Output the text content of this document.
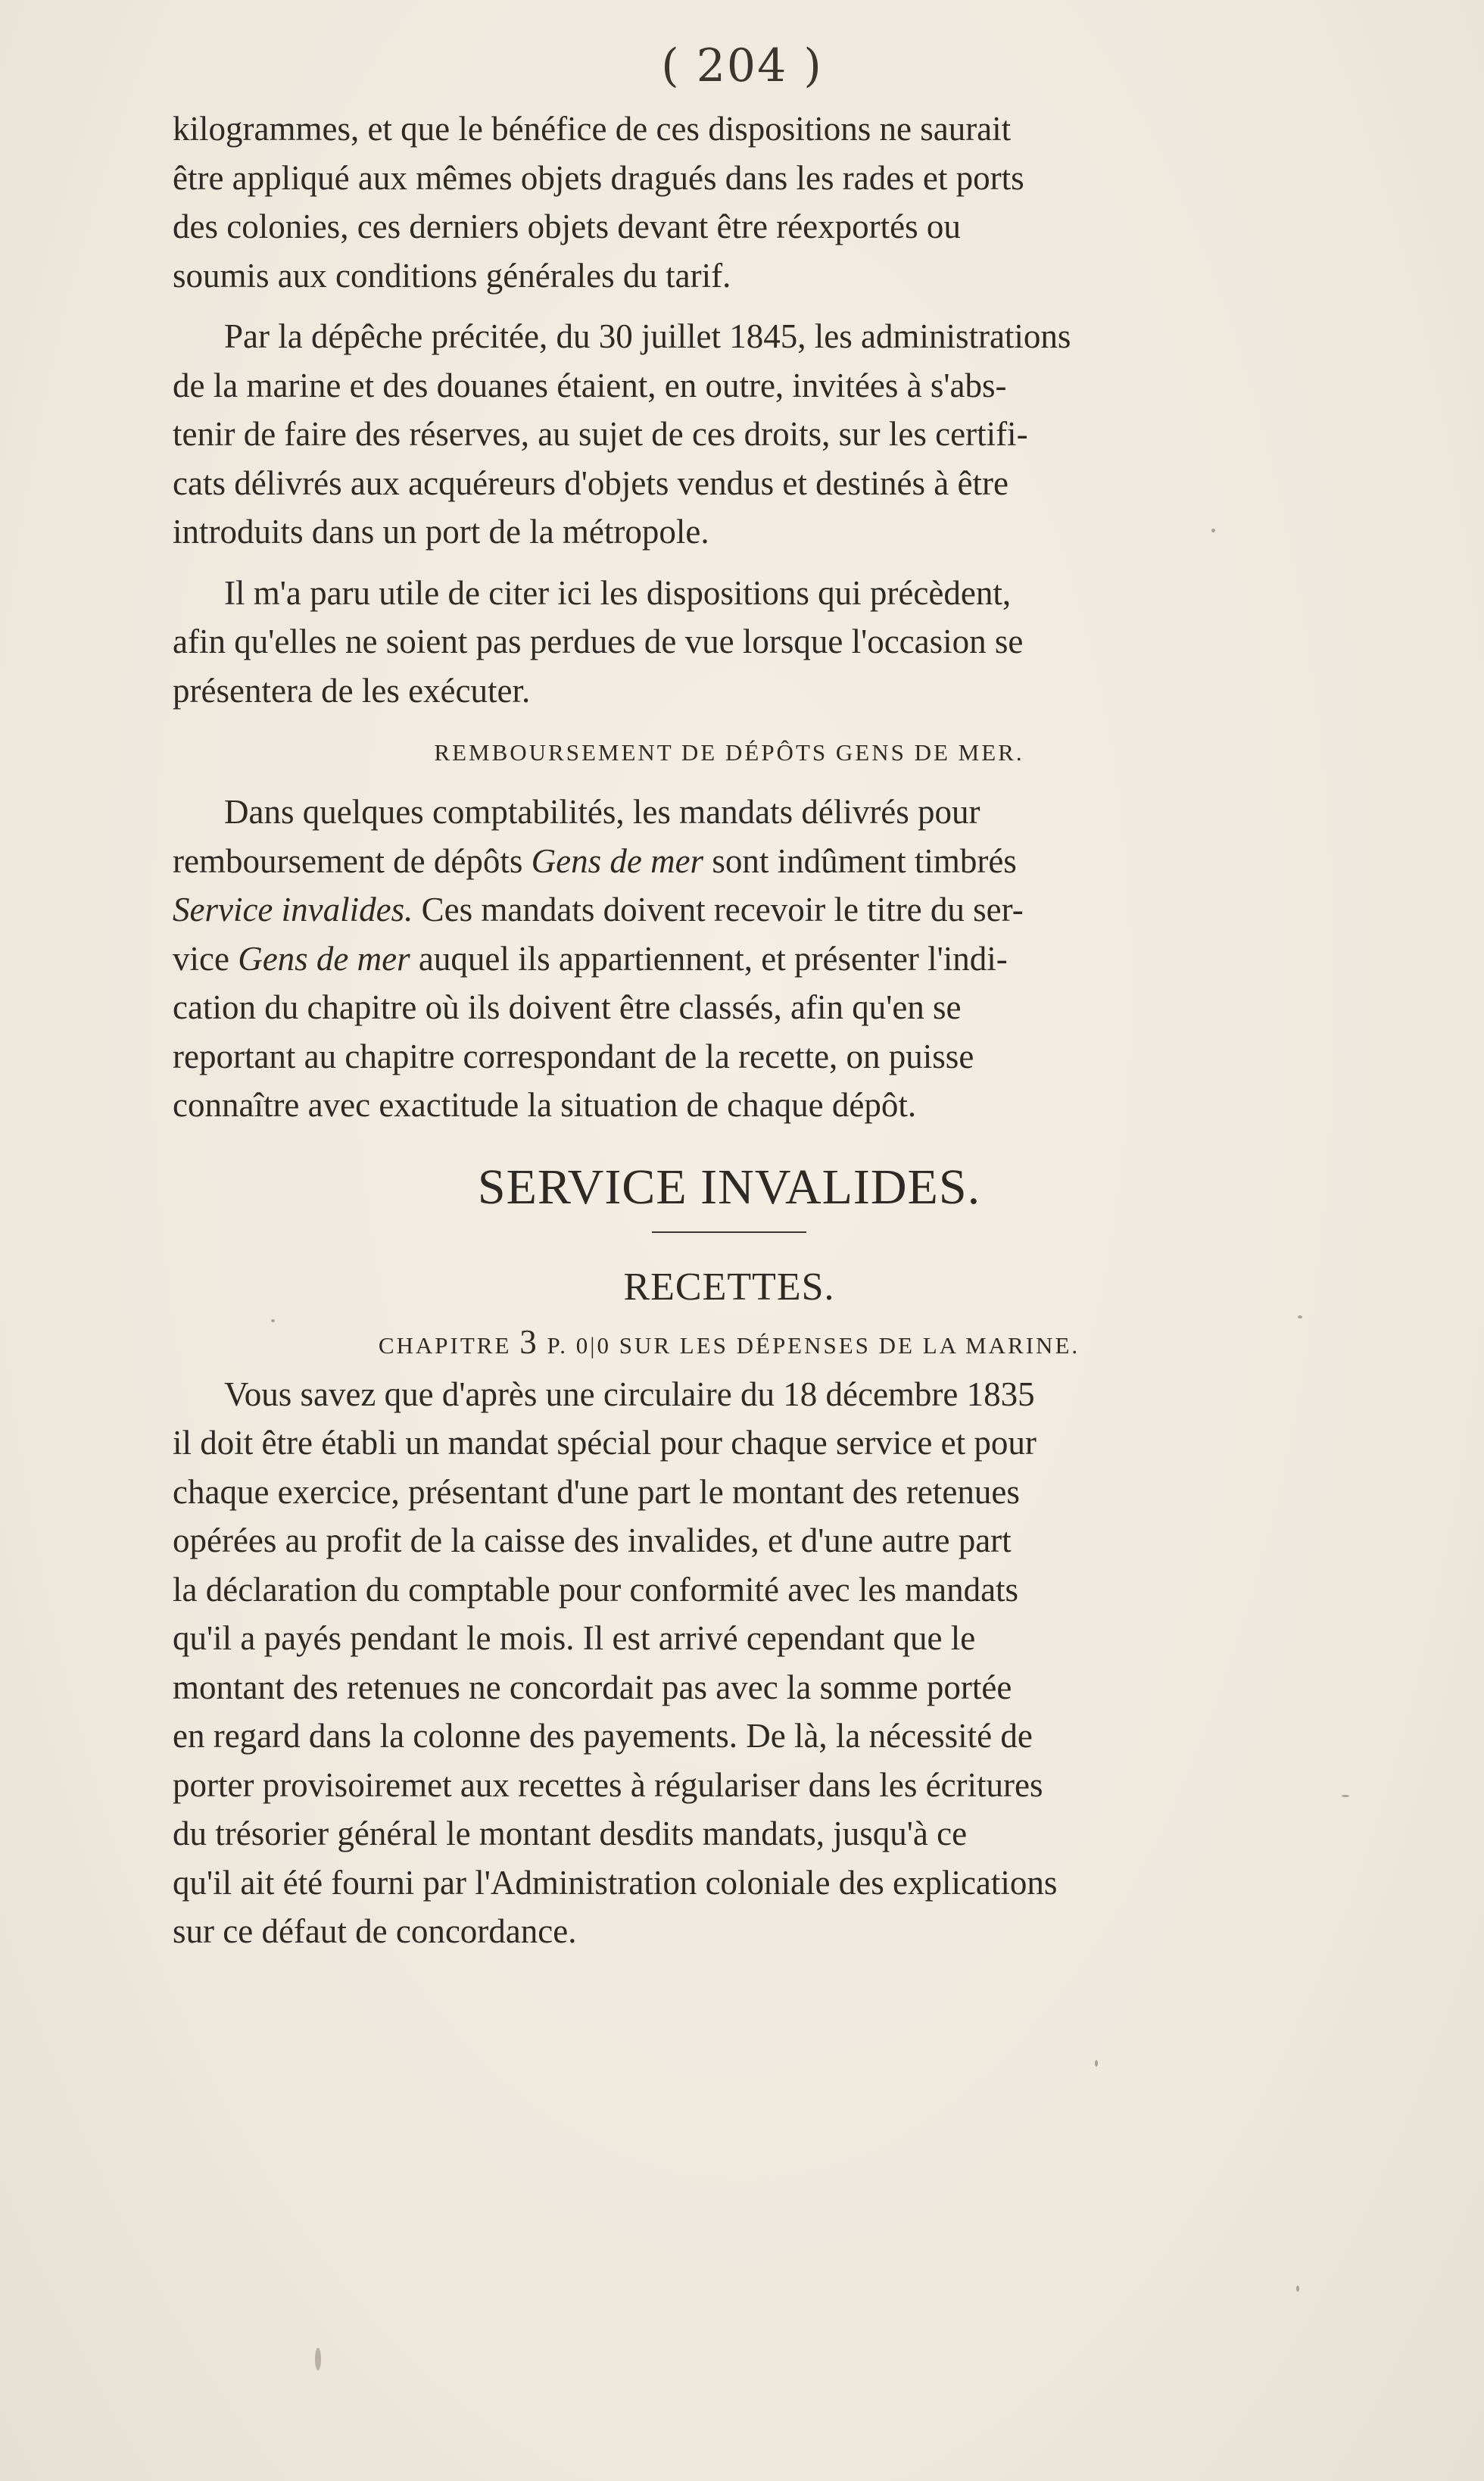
( 204 )

kilogrammes, et que le bénéfice de ces dispositions ne saurait
être appliqué aux mêmes objets dragués dans les rades et ports
des colonies, ces derniers objets devant être réexportés ou
soumis aux conditions générales du tarif.

Par la dépêche précitée, du 30 juillet 1845, les administrations
de la marine et des douanes étaient, en outre, invitées à s'abs-
tenir de faire des réserves, au sujet de ces droits, sur les certifi-
cats délivrés aux acquéreurs d'objets vendus et destinés à être
introduits dans un port de la métropole.

Il m'a paru utile de citer ici les dispositions qui précèdent,
afin qu'elles ne soient pas perdues de vue lorsque l'occasion se
présentera de les exécuter.

REMBOURSEMENT DE DÉPÔTS GENS DE MER.

Dans quelques comptabilités, les mandats délivrés pour
remboursement de dépôts Gens de mer sont indûment timbrés
Service invalides. Ces mandats doivent recevoir le titre du ser-
vice Gens de mer auquel ils appartiennent, et présenter l'indi-
cation du chapitre où ils doivent être classés, afin qu'en se
reportant au chapitre correspondant de la recette, on puisse
connaître avec exactitude la situation de chaque dépôt.

SERVICE INVALIDES.
RECETTES.

CHAPITRE 3 P. 0|0 SUR LES DÉPENSES DE LA MARINE.

Vous savez que d'après une circulaire du 18 décembre 1835
il doit être établi un mandat spécial pour chaque service et pour
chaque exercice, présentant d'une part le montant des retenues
opérées au profit de la caisse des invalides, et d'une autre part
la déclaration du comptable pour conformité avec les mandats
qu'il a payés pendant le mois. Il est arrivé cependant que le
montant des retenues ne concordait pas avec la somme portée
en regard dans la colonne des payements. De là, la nécessité de
porter provisoiremet aux recettes à régulariser dans les écritures
du trésorier général le montant desdits mandats, jusqu'à ce
qu'il ait été fourni par l'Administration coloniale des explications
sur ce défaut de concordance.
